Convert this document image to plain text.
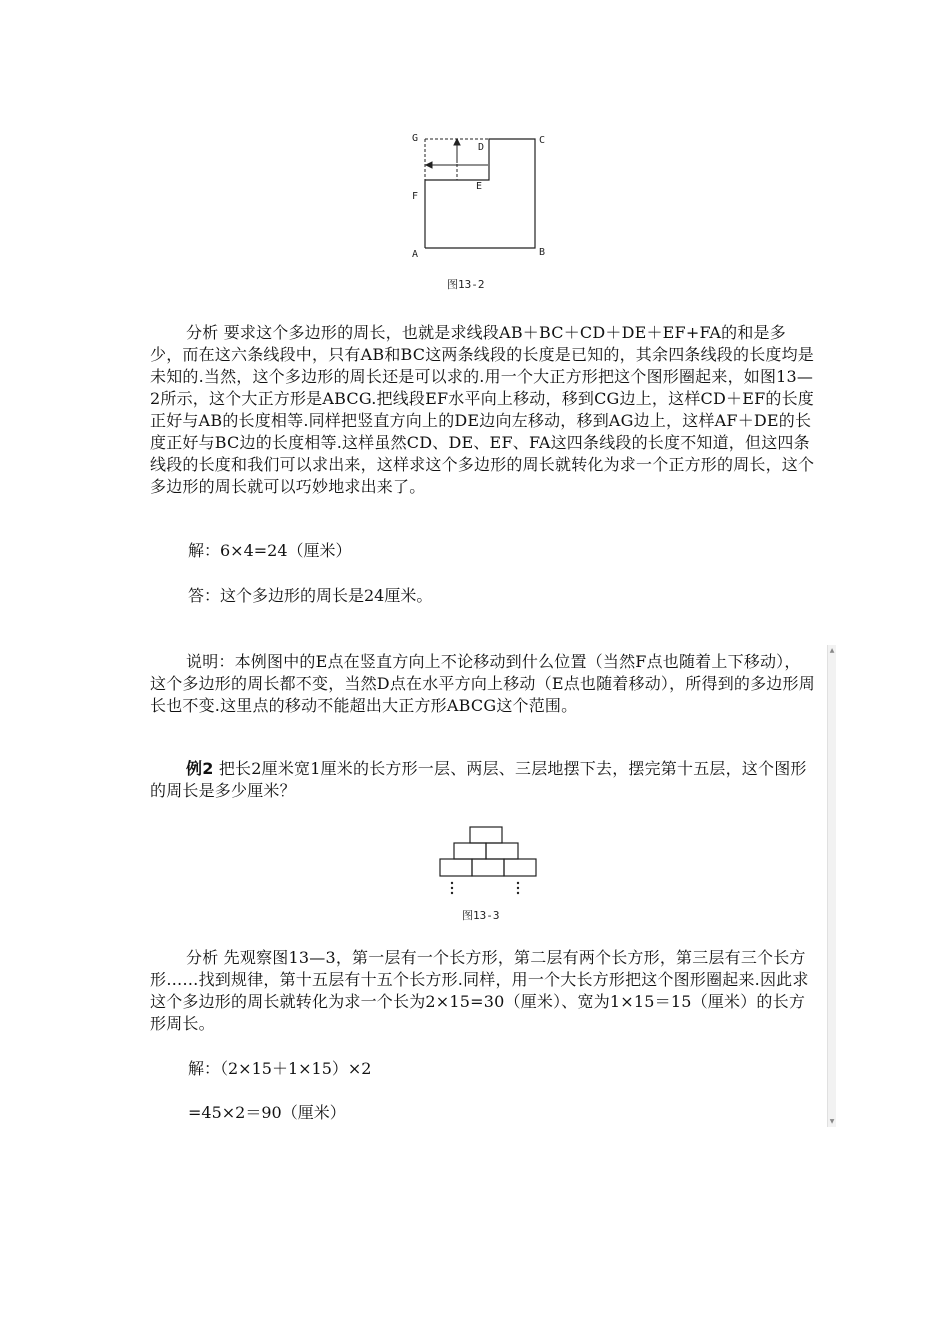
G	C
D
E
F
A	B
图13-2
分析 要求这个多边形的周长，也就是求线段AB＋BC＋CD＋DE＋EF+FA的和是多少，而在这六条线段中，只有AB和BC这两条线段的长度是已知的，其余四条线段的长度均是未知的.当然，这个多边形的周长还是可以求的.用一个大正方形把这个图形圈起来，如图13—2所示，这个大正方形是ABCG.把线段EF水平向上移动，移到CG边上，这样CD＋EF的长度正好与AB的长度相等.同样把竖直方向上的DE边向左移动，移到AG边上，这样AF＋DE的长度正好与BC边的长度相等.这样虽然CD、DE、EF、FA这四条线段的长度不知道，但这四条线段的长度和我们可以求出来，这样求这个多边形的周长就转化为求一个正方形的周长，这个多边形的周长就可以巧妙地求出来了。
解：6×4=24（厘米）
答：这个多边形的周长是24厘米。
说明：本例图中的E点在竖直方向上不论移动到什么位置（当然F点也随着上下移动），这个多边形的周长都不变，当然D点在水平方向上移动（E点也随着移动），所得到的多边形周长也不变.这里点的移动不能超出大正方形ABCG这个范围。
例2 把长2厘米宽1厘米的长方形一层、两层、三层地摆下去，摆完第十五层，这个图形的周长是多少厘米？
图13-3
分析 先观察图13—3，第一层有一个长方形，第二层有两个长方形，第三层有三个长方形……找到规律，第十五层有十五个长方形.同样，用一个大长方形把这个图形圈起来.因此求这个多边形的周长就转化为求一个长为2×15=30（厘米）、宽为1×15＝15（厘米）的长方形周长。
解：（2×15＋1×15）×2
=45×2＝90（厘米）
▲
▼
